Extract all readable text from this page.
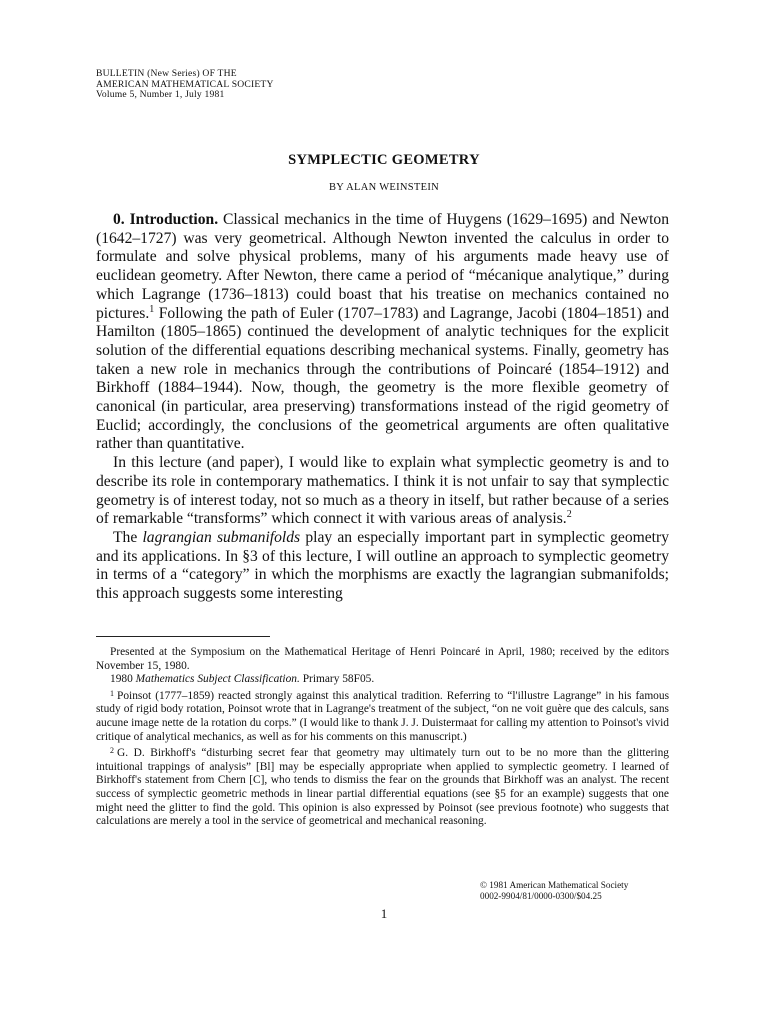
BULLETIN (New Series) OF THE
AMERICAN MATHEMATICAL SOCIETY
Volume 5, Number 1, July 1981
SYMPLECTIC GEOMETRY
BY ALAN WEINSTEIN

0. Introduction. Classical mechanics in the time of Huygens (1629–1695) and Newton (1642–1727) was very geometrical. Although Newton invented the calculus in order to formulate and solve physical problems, many of his arguments made heavy use of euclidean geometry. After Newton, there came a period of “mécanique analytique,” during which Lagrange (1736–1813) could boast that his treatise on mechanics contained no pictures.$^1$ Following the path of Euler (1707–1783) and Lagrange, Jacobi (1804–1851) and Hamilton (1805–1865) continued the development of analytic techniques for the explicit solution of the differential equations describing mechanical systems. Finally, geometry has taken a new role in mechanics through the contributions of Poincaré (1854–1912) and Birkhoff (1884–1944). Now, though, the geometry is the more flexible geometry of canonical (in particular, area preserving) transformations instead of the rigid geometry of Euclid; accordingly, the conclusions of the geometrical arguments are often qualitative rather than quantitative.

In this lecture (and paper), I would like to explain what symplectic geometry is and to describe its role in contemporary mathematics. I think it is not unfair to say that symplectic geometry is of interest today, not so much as a theory in itself, but rather because of a series of remarkable “transforms” which connect it with various areas of analysis.$^2$

The lagrangian submanifolds play an especially important part in symplectic geometry and its applications. In §3 of this lecture, I will outline an approach to symplectic geometry in terms of a “category” in which the morphisms are exactly the lagrangian submanifolds; this approach suggests some interesting

Presented at the Symposium on the Mathematical Heritage of Henri Poincaré in April, 1980; received by the editors November 15, 1980.

1980 Mathematics Subject Classification. Primary 58F05.

$^1$ Poinsot (1777–1859) reacted strongly against this analytical tradition. Referring to “l'illustre Lagrange” in his famous study of rigid body rotation, Poinsot wrote that in Lagrange's treatment of the subject, “on ne voit guère que des calculs, sans aucune image nette de la rotation du corps.” (I would like to thank J. J. Duistermaat for calling my attention to Poinsot's vivid critique of analytical mechanics, as well as for his comments on this manuscript.)

$^2$ G. D. Birkhoff's “disturbing secret fear that geometry may ultimately turn out to be no more than the glittering intuitional trappings of analysis” [Bl] may be especially appropriate when applied to symplectic geometry. I learned of Birkhoff's statement from Chern [C], who tends to dismiss the fear on the grounds that Birkhoff was an analyst. The recent success of symplectic geometric methods in linear partial differential equations (see §5 for an example) suggests that one might need the glitter to find the gold. This opinion is also expressed by Poinsot (see previous footnote) who suggests that calculations are merely a tool in the service of geometrical and mechanical reasoning.

© 1981 American Mathematical Society
0002-9904/81/0000-0300/$04.25
1
